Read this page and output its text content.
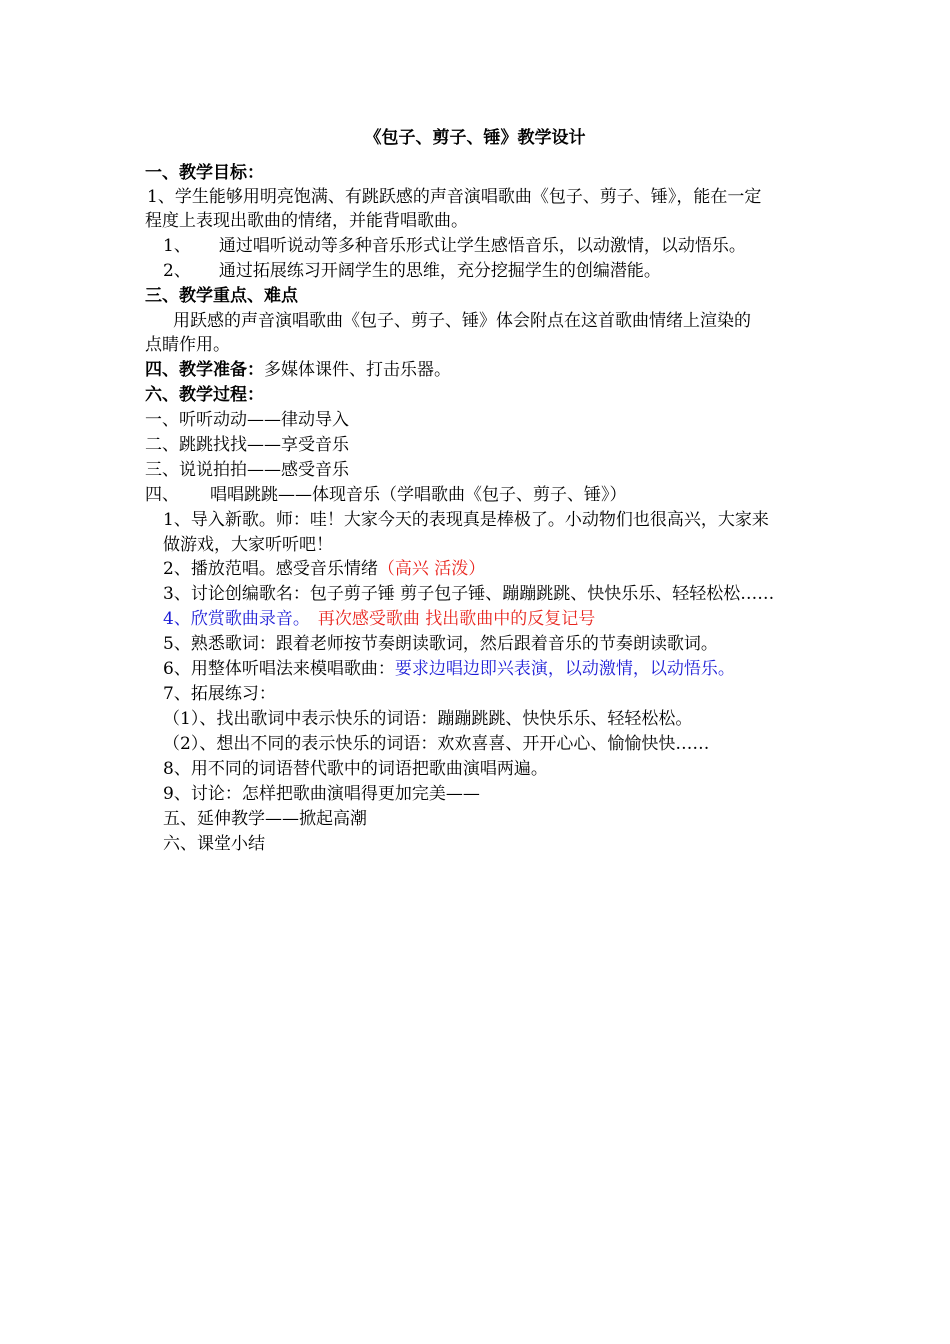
《包子、剪子、锤》教学设计
一、教学目标：
1、学生能够用明亮饱满、有跳跃感的声音演唱歌曲《包子、剪子、锤》，能在一定
程度上表现出歌曲的情绪，并能背唱歌曲。
1、 通过唱听说动等多种音乐形式让学生感悟音乐，以动激情，以动悟乐。
2、 通过拓展练习开阔学生的思维，充分挖掘学生的创编潜能。
三、教学重点、难点
用跃感的声音演唱歌曲《包子、剪子、锤》体会附点在这首歌曲情绪上渲染的
点睛作用。
四、教学准备：多媒体课件、打击乐器。
六、教学过程：
一、听听动动——律动导入
二、跳跳找找——享受音乐
三、说说拍拍——感受音乐
四、 唱唱跳跳——体现音乐（学唱歌曲《包子、剪子、锤》）
1、导入新歌。师：哇！大家今天的表现真是棒极了。小动物们也很高兴，大家来
做游戏，大家听听吧！
2、播放范唱。感受音乐情绪（高兴 活泼）
3、讨论创编歌名：包子剪子锤 剪子包子锤、蹦蹦跳跳、快快乐乐、轻轻松松……
4、欣赏歌曲录音。 再次感受歌曲 找出歌曲中的反复记号
5、熟悉歌词：跟着老师按节奏朗读歌词，然后跟着音乐的节奏朗读歌词。
6、用整体听唱法来模唱歌曲：要求边唱边即兴表演，以动激情，以动悟乐。
7、拓展练习：
（1）、找出歌词中表示快乐的词语：蹦蹦跳跳、快快乐乐、轻轻松松。
（2）、想出不同的表示快乐的词语：欢欢喜喜、开开心心、愉愉快快……
8、用不同的词语替代歌中的词语把歌曲演唱两遍。
9、讨论：怎样把歌曲演唱得更加完美——
五、延伸教学——掀起高潮
六、课堂小结
